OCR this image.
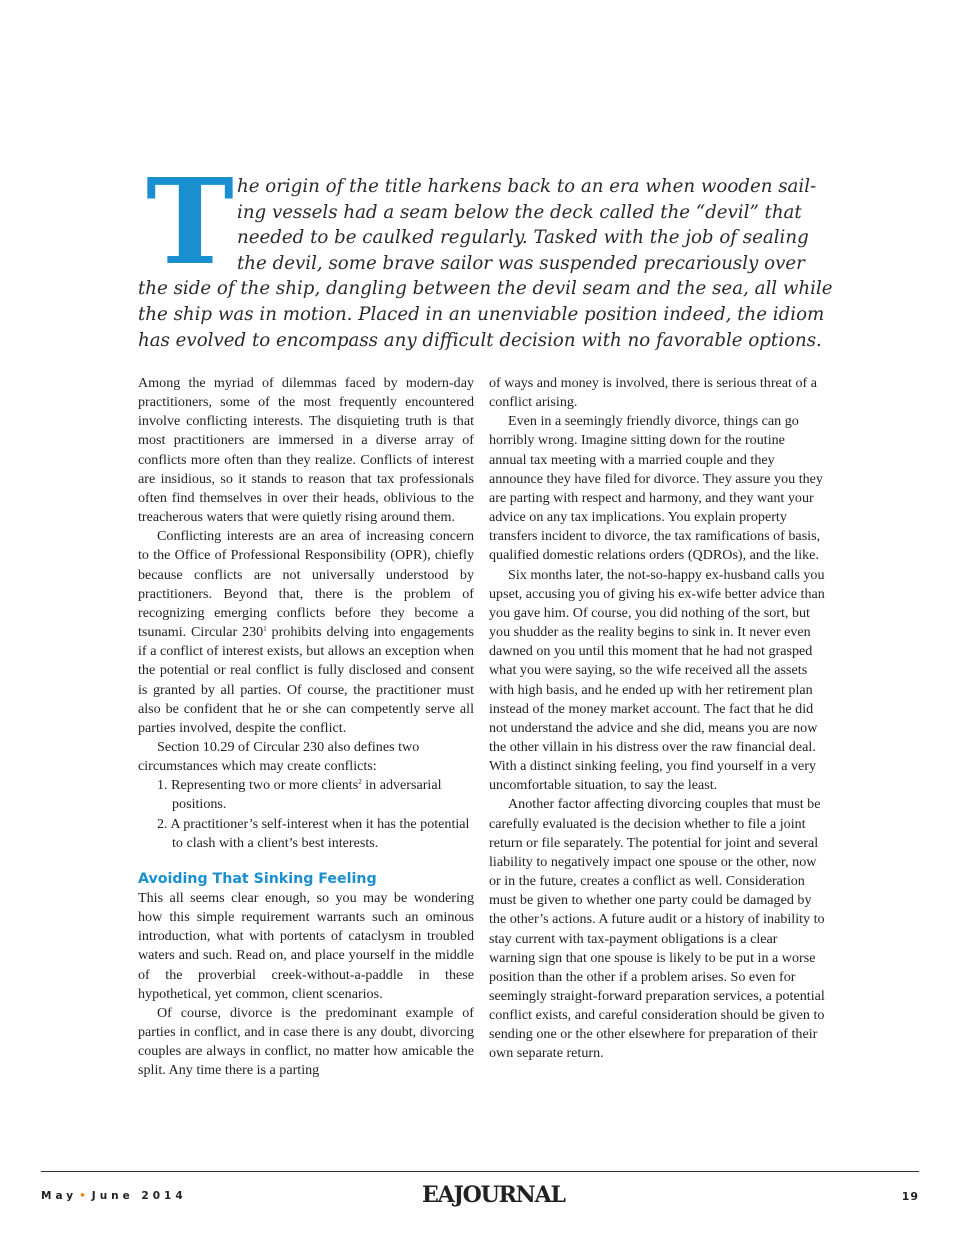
T he origin of the title harkens back to an era when wooden sail-
ing vessels had a seam below the deck called the “devil” that
needed to be caulked regularly. Tasked with the job of sealing
the devil, some brave sailor was suspended precariously over
the side of the ship, dangling between the devil seam and the sea, all while
the ship was in motion. Placed in an unenviable position indeed, the idiom
has evolved to encompass any difficult decision with no favorable options.

Among the myriad of dilemmas faced by modern-day practitioners, some of the most frequently encountered involve conflicting interests. The disquieting truth is that most practitioners are immersed in a diverse array of conflicts more often than they realize. Conflicts of interest are insidious, so it stands to reason that tax professionals often find themselves in over their heads, oblivious to the treacherous waters that were quietly rising around them.

Conflicting interests are an area of increasing concern to the Office of Professional Responsibility (OPR), chiefly because conflicts are not universally understood by practitioners. Beyond that, there is the problem of recognizing emerging conflicts before they become a tsunami. Circular $230^1$ prohibits delving into engagements if a conflict of interest exists, but allows an exception when the potential or real conflict is fully disclosed and consent is granted by all parties. Of course, the practitioner must also be confident that he or she can competently serve all parties involved, despite the conflict.

Section 10.29 of Circular 230 also defines two circumstances which may create conflicts:

1. Representing two or more clients$^2$ in adversarial positions.
2. A practitioner’s self-interest when it has the potential to clash with a client’s best interests.
Avoiding That Sinking Feeling

This all seems clear enough, so you may be wondering how this simple requirement warrants such an ominous introduction, what with portents of cataclysm in troubled waters and such. Read on, and place yourself in the middle of the proverbial creek-without-a-paddle in these hypothetical, yet common, client scenarios.

Of course, divorce is the predominant example of parties in conflict, and in case there is any doubt, divorcing couples are always in conflict, no matter how amicable the split. Any time there is a parting

of ways and money is involved, there is serious threat of a conflict arising.

Even in a seemingly friendly divorce, things can go horribly wrong. Imagine sitting down for the routine annual tax meeting with a married couple and they announce they have filed for divorce. They assure you they are parting with respect and harmony, and they want your advice on any tax implications. You explain property transfers incident to divorce, the tax ramifications of basis, qualified domestic relations orders (QDROs), and the like.

Six months later, the not-so-happy ex-husband calls you upset, accusing you of giving his ex-wife better advice than you gave him. Of course, you did nothing of the sort, but you shudder as the reality begins to sink in. It never even dawned on you until this moment that he had not grasped what you were saying, so the wife received all the assets with high basis, and he ended up with her retirement plan instead of the money market account. The fact that he did not understand the advice and she did, means you are now the other villain in his distress over the raw financial deal. With a distinct sinking feeling, you find yourself in a very uncomfortable situation, to say the least.

Another factor affecting divorcing couples that must be carefully evaluated is the decision whether to file a joint return or file separately. The potential for joint and several liability to negatively impact one spouse or the other, now or in the future, creates a conflict as well. Consideration must be given to whether one party could be damaged by the other’s actions. A future audit or a history of inability to stay current with tax-payment obligations is a clear warning sign that one spouse is likely to be put in a worse position than the other if a problem arises. So even for seemingly straight-forward preparation services, a potential conflict exists, and careful consideration should be given to sending one or the other elsewhere for preparation of their own separate return.

May • June 2014	EAJOURNAL	19
